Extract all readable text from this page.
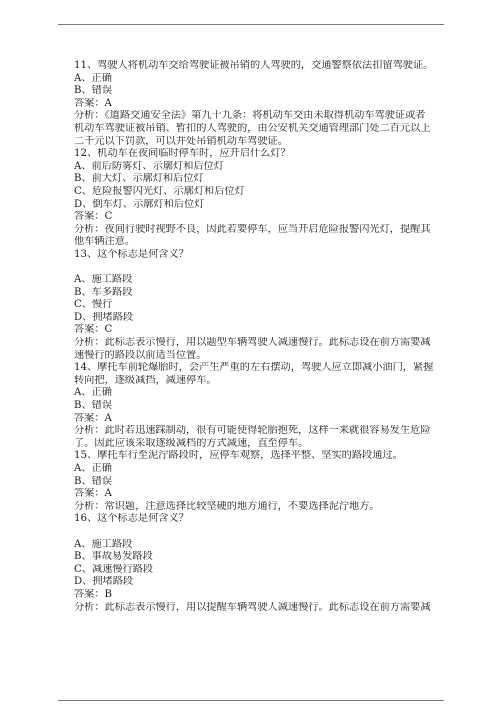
11、驾驶人将机动车交给驾驶证被吊销的人驾驶的，交通警察依法扣留驾驶证。
A、正确
B、错误
答案：A
分析：《道路交通安全法》第九十九条：将机动车交由未取得机动车驾驶证或者
机动车驾驶证被吊销、暂扣的人驾驶的，由公安机关交通管理部门处二百元以上
二千元以下罚款，可以并处吊销机动车驾驶证。
12、机动车在夜间临时停车时，应开启什么灯？
A、前后防雾灯、示廓灯和后位灯
B、前大灯、示廓灯和后位灯
C、危险报警闪光灯、示廓灯和后位灯
D、倒车灯、示廓灯和后位灯
答案：C
分析：夜间行驶时视野不良，因此若要停车，应当开启危险报警闪光灯，提醒其
他车辆注意。
13、这个标志是何含义？
A、施工路段
B、车多路段
C、慢行
D、拥堵路段
答案：C
分析：此标志表示慢行，用以题型车辆驾驶人减速慢行。此标志设在前方需要减
速慢行的路段以前适当位置。
14、摩托车前轮爆胎时，会产生严重的左右摆动，驾驶人应立即减小油门，紧握
转向把，逐级减挡，减速停车。
A、正确
B、错误
答案：A
分析：此时若迅速踩制动，很有可能使得轮胎抱死，这样一来就很容易发生危险
了。因此应该采取逐级减档的方式减速，直至停车。
15、摩托车行至泥泞路段时，应停车观察，选择平整、坚实的路段通过。
A、正确
B、错误
答案：A
分析：常识题，注意选择比较坚硬的地方通行，不要选择泥泞地方。
16、这个标志是何含义？
A、施工路段
B、事故易发路段
C、减速慢行路段
D、拥堵路段
答案：B
分析：此标志表示慢行，用以提醒车辆驾驶人减速慢行。此标志设在前方需要减
